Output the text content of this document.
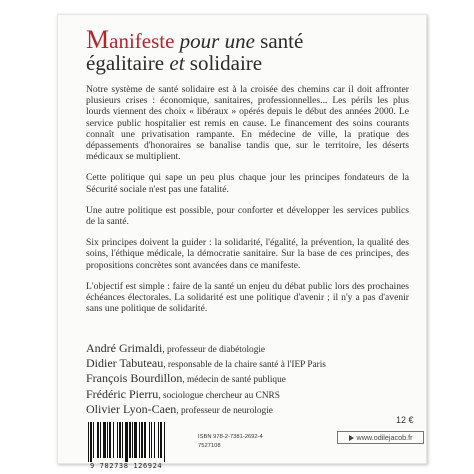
Manifeste pour une santé
égalitaire et solidaire

Notre système de santé solidaire est à la croisée des chemins car il doit affronter plusieurs crises : économique, sanitaires, professionnelles... Les périls les plus lourds viennent des choix « libéraux » opérés depuis le début des années 2000. Le service public hospitalier est remis en cause. Le financement des soins courants connaît une privatisation rampante. En médecine de ville, la pratique des dépassements d'honoraires se banalise tandis que, sur le territoire, les déserts médicaux se multiplient.

Cette politique qui sape un peu plus chaque jour les principes fondateurs de la Sécurité sociale n'est pas une fatalité.

Une autre politique est possible, pour conforter et développer les services publics de la santé.

Six principes doivent la guider : la solidarité, l'égalité, la prévention, la qualité des soins, l'éthique médicale, la démocratie sanitaire. Sur la base de ces principes, des propositions concrètes sont avancées dans ce manifeste.

L'objectif est simple : faire de la santé un enjeu du débat public lors des prochaines échéances électorales. La solidarité est une politique d'avenir ; il n'y a pas d'avenir sans une politique de solidarité.

André Grimaldi, professeur de diabétologie
Didier Tabuteau, responsable de la chaire santé à l'IEP Paris
François Bourdillon, médecin de santé publique
Frédéric Pierru, sociologue chercheur au CNRS
Olivier Lyon-Caen, professeur de neurologie
9 782738 126924
ISBN 978-2-7381-2692-4
7527108
12 €
www.odilejacob.fr
